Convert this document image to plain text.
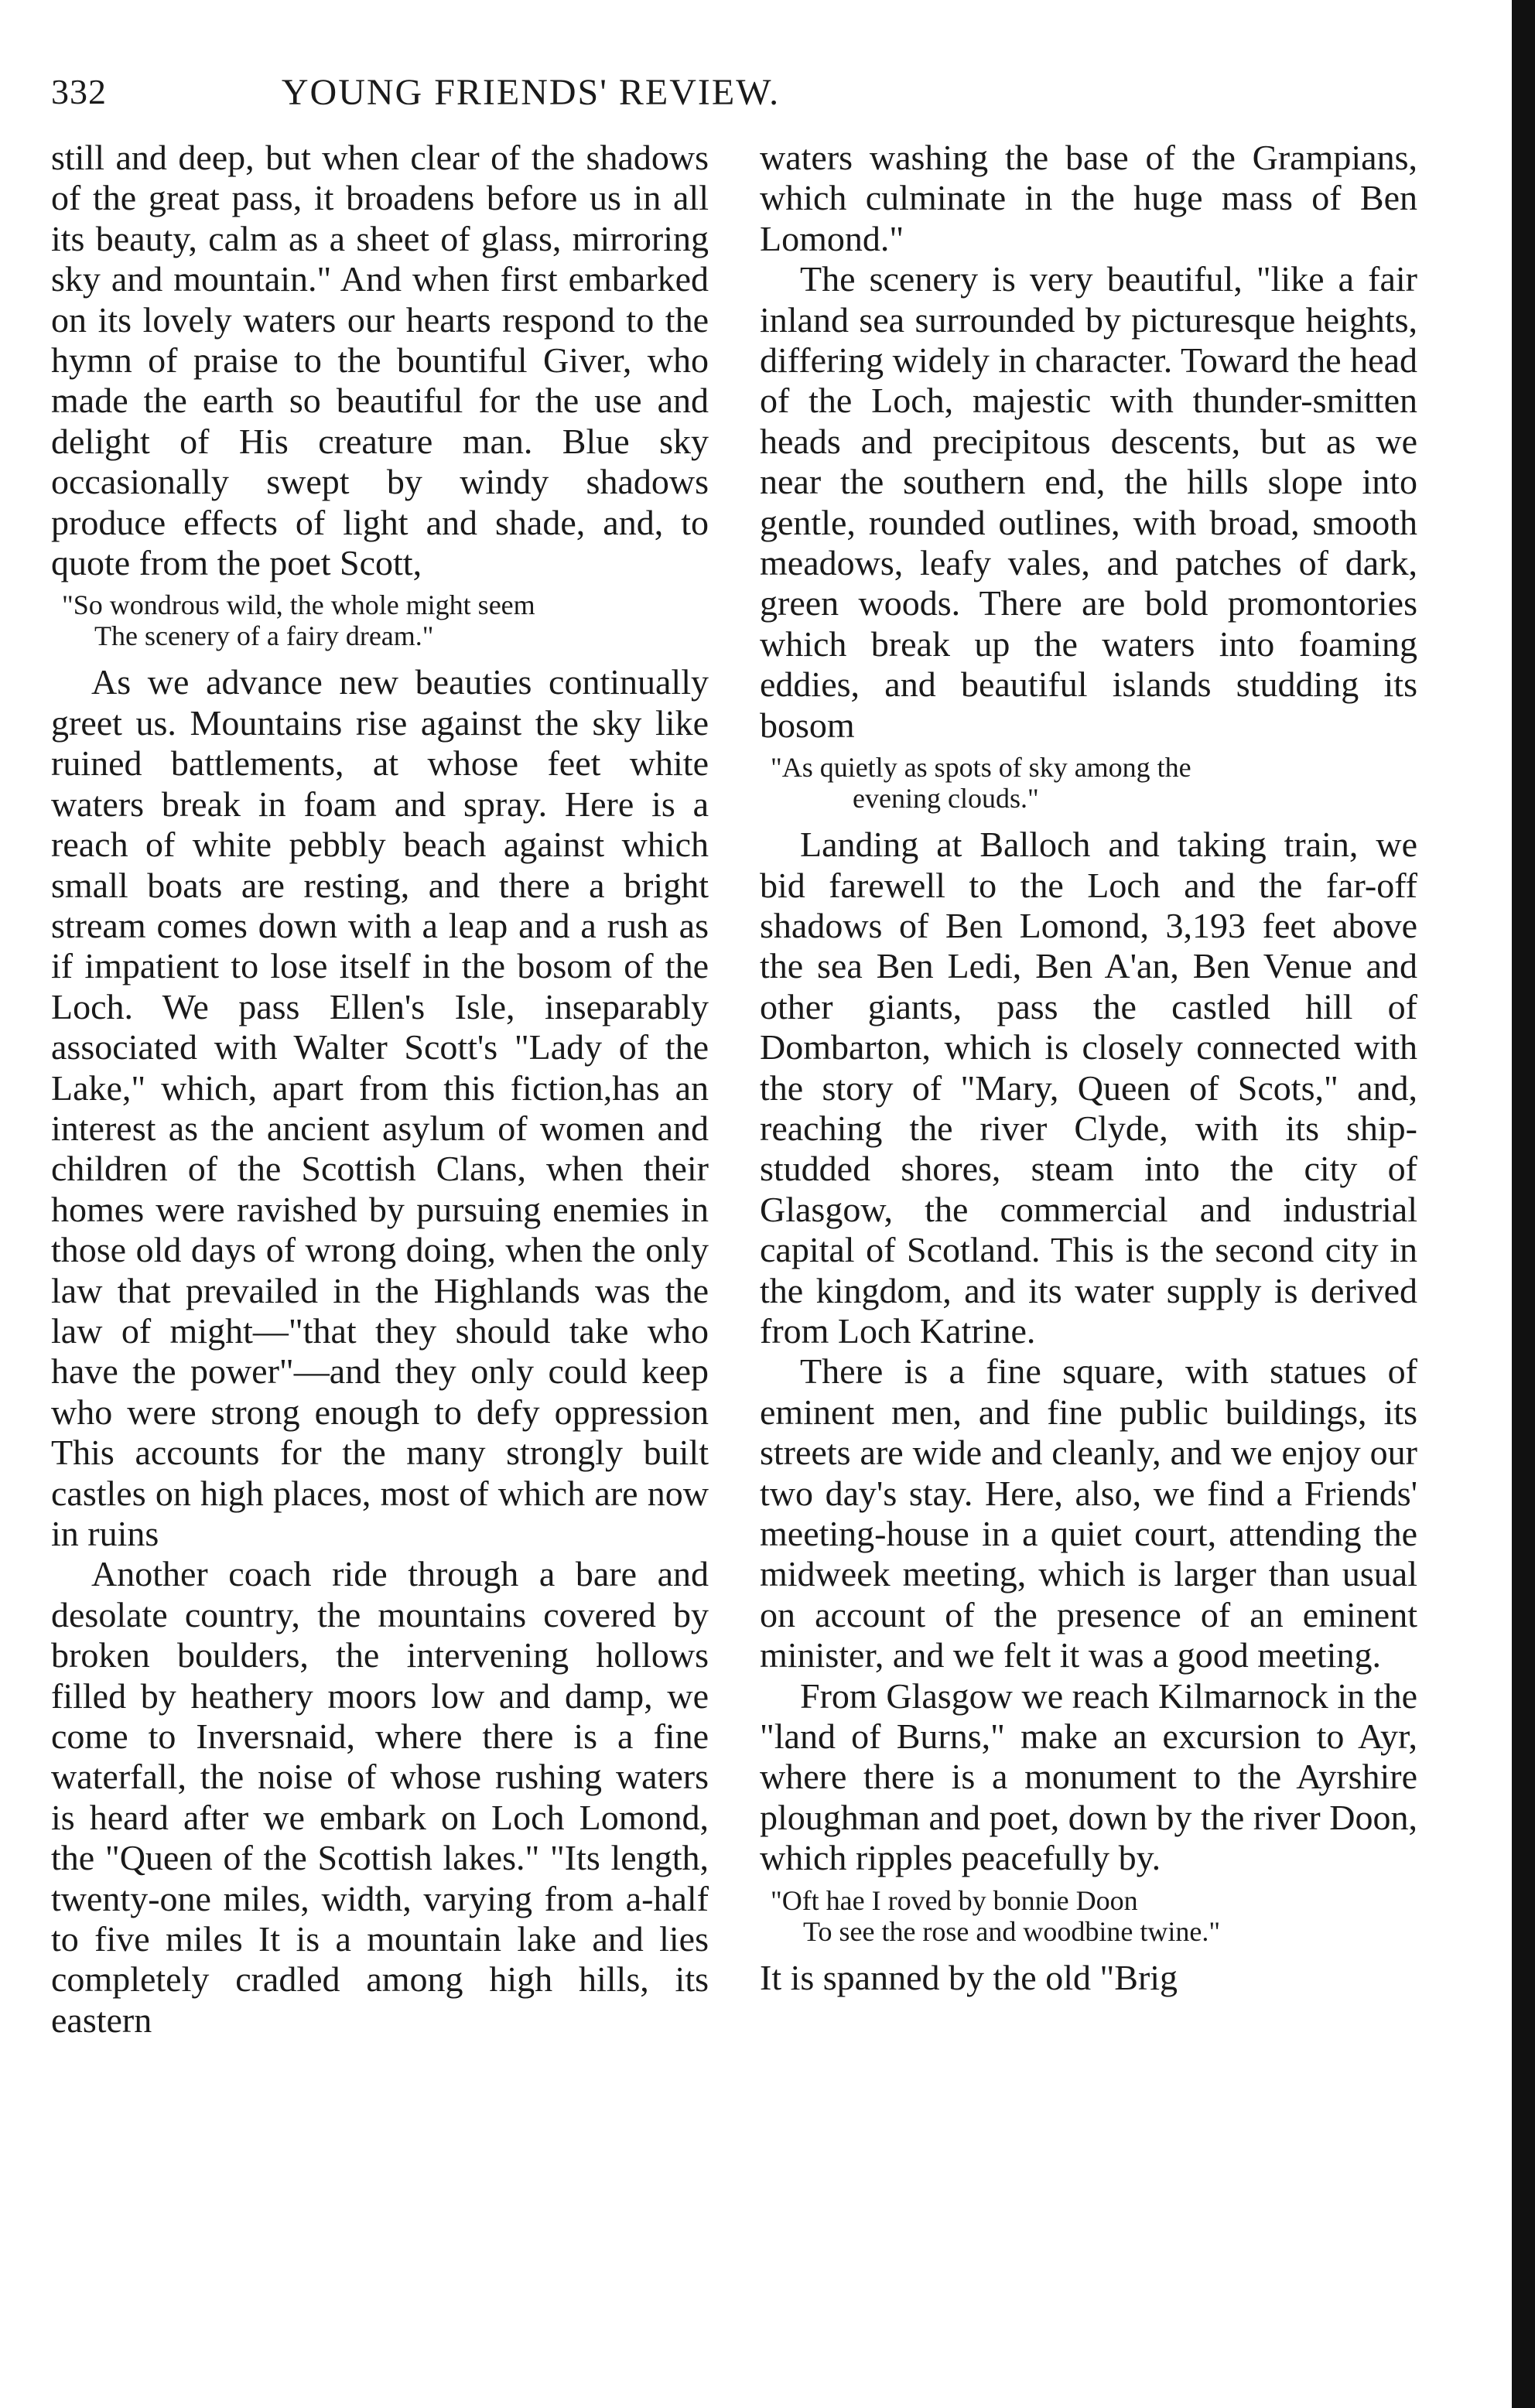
332	YOUNG FRIENDS' REVIEW.

still and deep, but when clear of the shadows of the great pass, it broadens before us in all its beauty, calm as a sheet of glass, mirroring sky and mountain." And when first embarked on its lovely waters our hearts respond to the hymn of praise to the bountiful Giver, who made the earth so beautiful for the use and delight of His creature man. Blue sky occasionally swept by windy shadows produce effects of light and shade, and, to quote from the poet Scott,

"So wondrous wild, the whole might seem
The scenery of a fairy dream."

As we advance new beauties continually greet us. Mountains rise against the sky like ruined battlements, at whose feet white waters break in foam and spray. Here is a reach of white pebbly beach against which small boats are resting, and there a bright stream comes down with a leap and a rush as if impatient to lose itself in the bosom of the Loch. We pass Ellen's Isle, inseparably associated with Walter Scott's "Lady of the Lake," which, apart from this fiction,has an interest as the ancient asylum of women and children of the Scottish Clans, when their homes were ravished by pursuing enemies in those old days of wrong doing, when the only law that prevailed in the Highlands was the law of might—"that they should take who have the power"—and they only could keep who were strong enough to defy oppression This accounts for the many strongly built castles on high places, most of which are now in ruins

Another coach ride through a bare and desolate country, the mountains covered by broken boulders, the intervening hollows filled by heathery moors low and damp, we come to Inversnaid, where there is a fine waterfall, the noise of whose rushing waters is heard after we embark on Loch Lomond, the "Queen of the Scottish lakes." "Its length, twenty-one miles, width, varying from a-half to five miles It is a mountain lake and lies completely cradled among high hills, its eastern

waters washing the base of the Grampians, which culminate in the huge mass of Ben Lomond."

The scenery is very beautiful, "like a fair inland sea surrounded by picturesque heights, differing widely in character. Toward the head of the Loch, majestic with thunder-smitten heads and precipitous descents, but as we near the southern end, the hills slope into gentle, rounded outlines, with broad, smooth meadows, leafy vales, and patches of dark, green woods. There are bold promontories which break up the waters into foaming eddies, and beautiful islands studding its bosom

"As quietly as spots of sky among the
evening clouds."

Landing at Balloch and taking train, we bid farewell to the Loch and the far-off shadows of Ben Lomond, 3,193 feet above the sea Ben Ledi, Ben A'an, Ben Venue and other giants, pass the castled hill of Dombarton, which is closely connected with the story of "Mary, Queen of Scots," and, reaching the river Clyde, with its ship-studded shores, steam into the city of Glasgow, the commercial and industrial capital of Scotland. This is the second city in the kingdom, and its water supply is derived from Loch Katrine.

There is a fine square, with statues of eminent men, and fine public buildings, its streets are wide and cleanly, and we enjoy our two day's stay. Here, also, we find a Friends' meeting-house in a quiet court, attending the midweek meeting, which is larger than usual on account of the presence of an eminent minister, and we felt it was a good meeting.

From Glasgow we reach Kilmarnock in the "land of Burns," make an excursion to Ayr, where there is a monument to the Ayrshire ploughman and poet, down by the river Doon, which ripples peacefully by.

"Oft hae I roved by bonnie Doon
To see the rose and woodbine twine."

It is spanned by the old "Brig
